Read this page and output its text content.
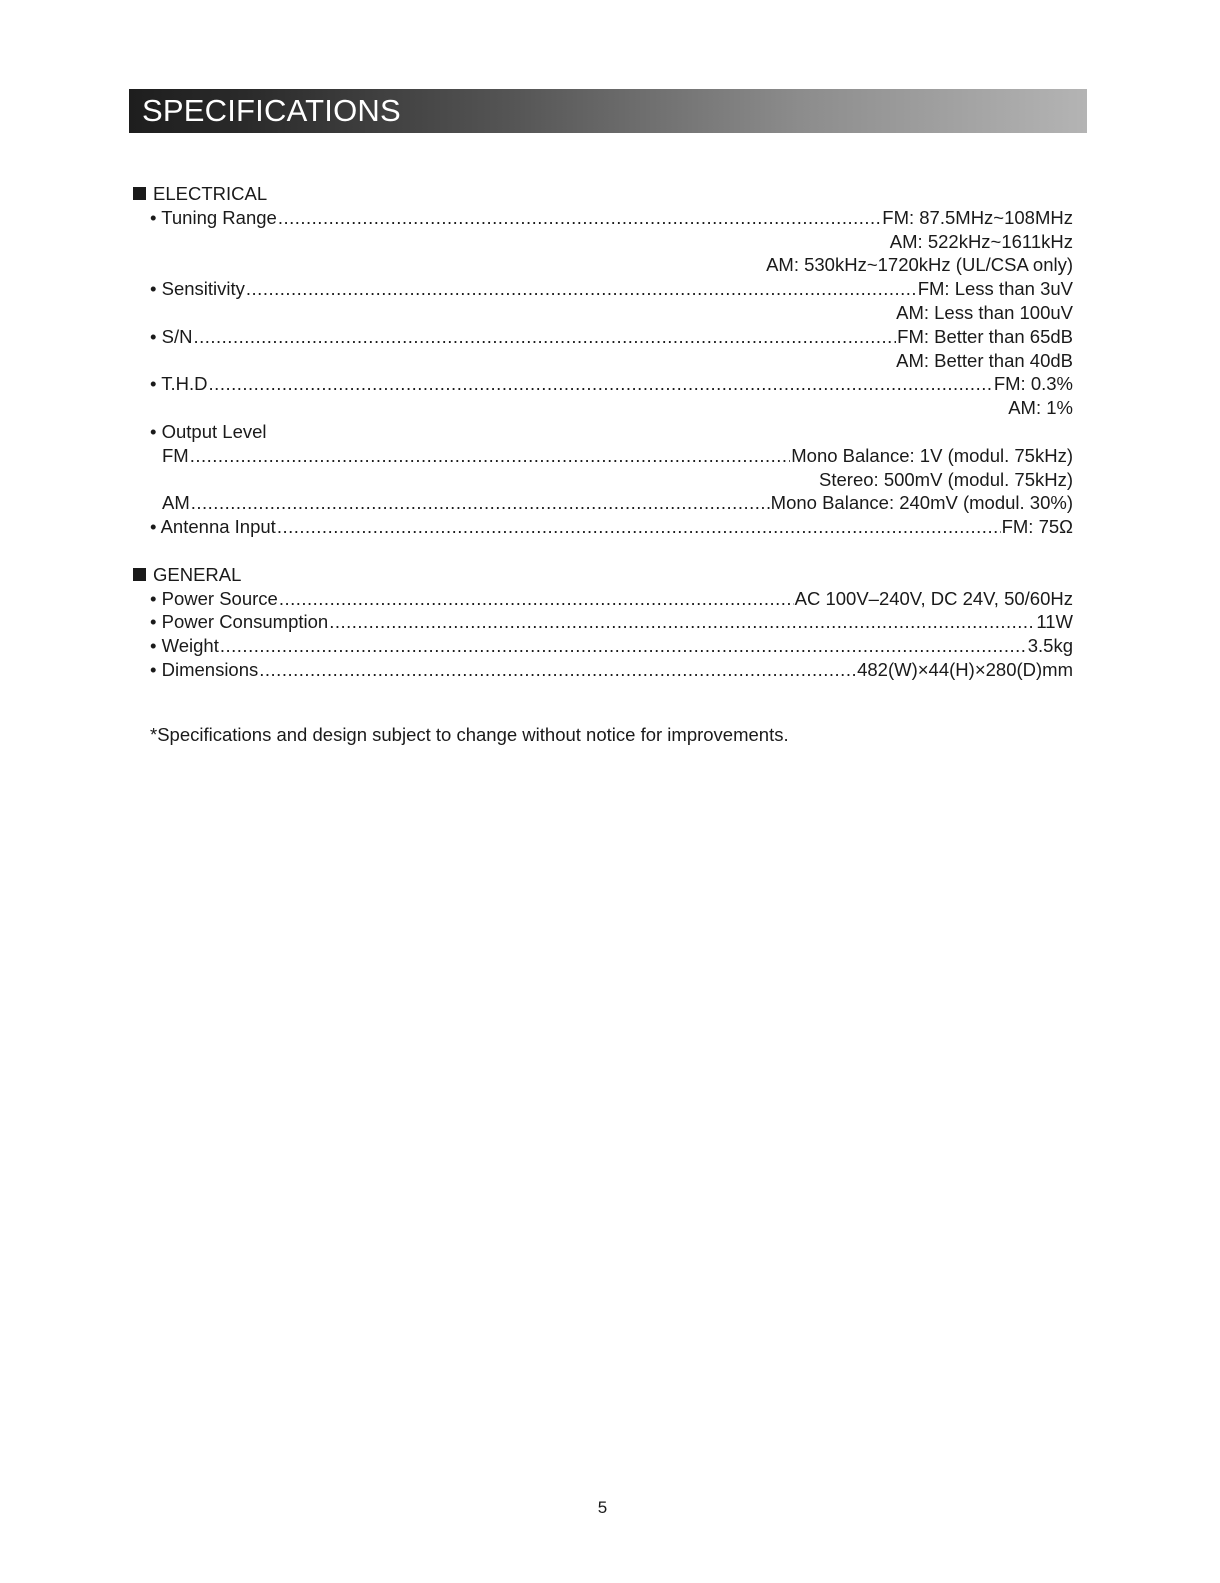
SPECIFICATIONS
ELECTRICAL
• Tuning Range .....	FM: 87.5MHz~108MHz
AM: 522kHz~1611kHz
AM: 530kHz~1720kHz (UL/CSA only)
• Sensitivity .....	FM: Less than 3uV
AM: Less than 100uV
• S/N .....	FM: Better than 65dB
AM: Better than 40dB
• T.H.D .....	FM: 0.3%
AM: 1%
• Output Level
FM .....	Mono Balance: 1V (modul. 75kHz)
Stereo: 500mV (modul. 75kHz)
AM .....	Mono Balance: 240mV (modul. 30%)
• Antenna Input .....	FM: 75Ω
GENERAL
• Power Source .....	AC 100V–240V, DC 24V, 50/60Hz
• Power Consumption .....	11W
• Weight .....	3.5kg
• Dimensions .....	482(W)×44(H)×280(D)mm
*Specifications and design subject to change without notice for improvements.
5
